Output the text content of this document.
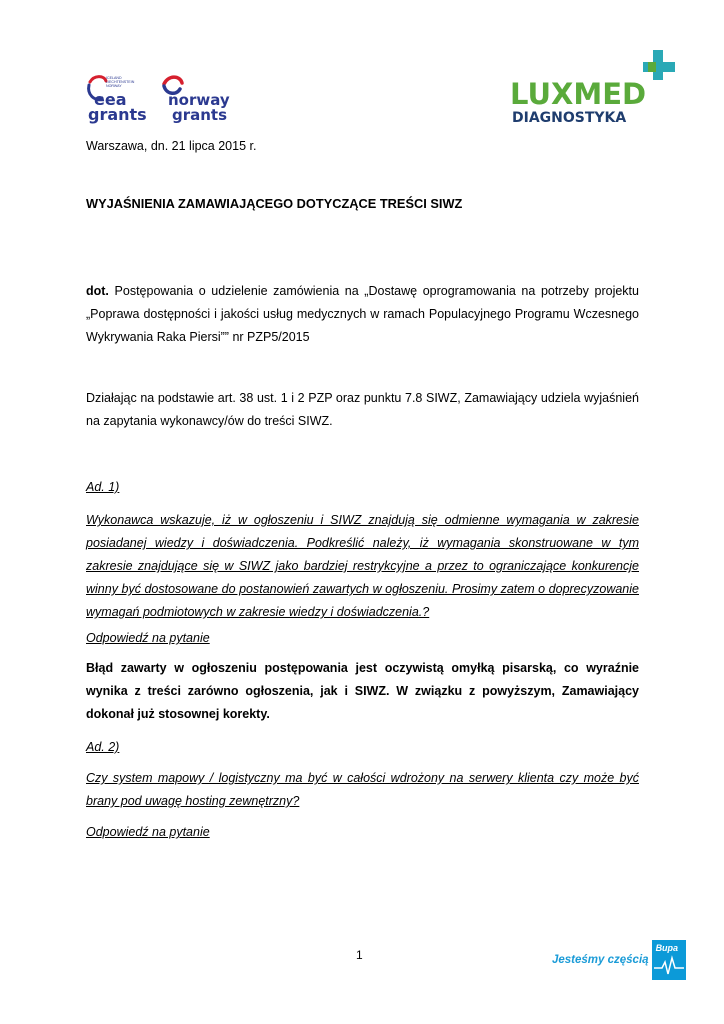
ICELAND
LIECHTENSTEIN
NORWAY
eea
grants
norway
grants
LUXMED
DIAGNOSTYKA
Warszawa, dn. 21 lipca 2015 r.
WYJAŚNIENIA ZAMAWIAJĄCEGO DOTYCZĄCE TREŚCI SIWZ
dot. Postępowania o udzielenie zamówienia na „Dostawę oprogramowania na potrzeby projektu „Poprawa dostępności i jakości usług medycznych w ramach Populacyjnego Programu Wczesnego Wykrywania Raka Piersi”” nr PZP5/2015
Działając na podstawie art. 38 ust. 1 i 2 PZP oraz punktu 7.8 SIWZ, Zamawiający udziela wyjaśnień na zapytania wykonawcy/ów do treści SIWZ.
Ad. 1)
Wykonawca wskazuje, iż w ogłoszeniu i SIWZ znajdują się odmienne wymagania w zakresie posiadanej wiedzy i doświadczenia. Podkreślić należy, iż wymagania skonstruowane w tym zakresie znajdujące się w SIWZ jako bardziej restrykcyjne a przez to ograniczające konkurencje winny być dostosowane do postanowień zawartych w ogłoszeniu. Prosimy zatem o doprecyzowanie wymagań podmiotowych w zakresie wiedzy i doświadczenia.?
Odpowiedź na pytanie
Błąd zawarty w ogłoszeniu postępowania jest oczywistą omyłką pisarską, co wyraźnie wynika z treści zarówno ogłoszenia, jak i SIWZ. W związku z powyższym, Zamawiający dokonał już stosownej korekty.
Ad. 2)
Czy system mapowy / logistyczny ma być w całości wdrożony na serwery klienta czy może być brany pod uwagę hosting zewnętrzny?
Odpowiedź na pytanie
1	Jesteśmy częścią
Bupa
